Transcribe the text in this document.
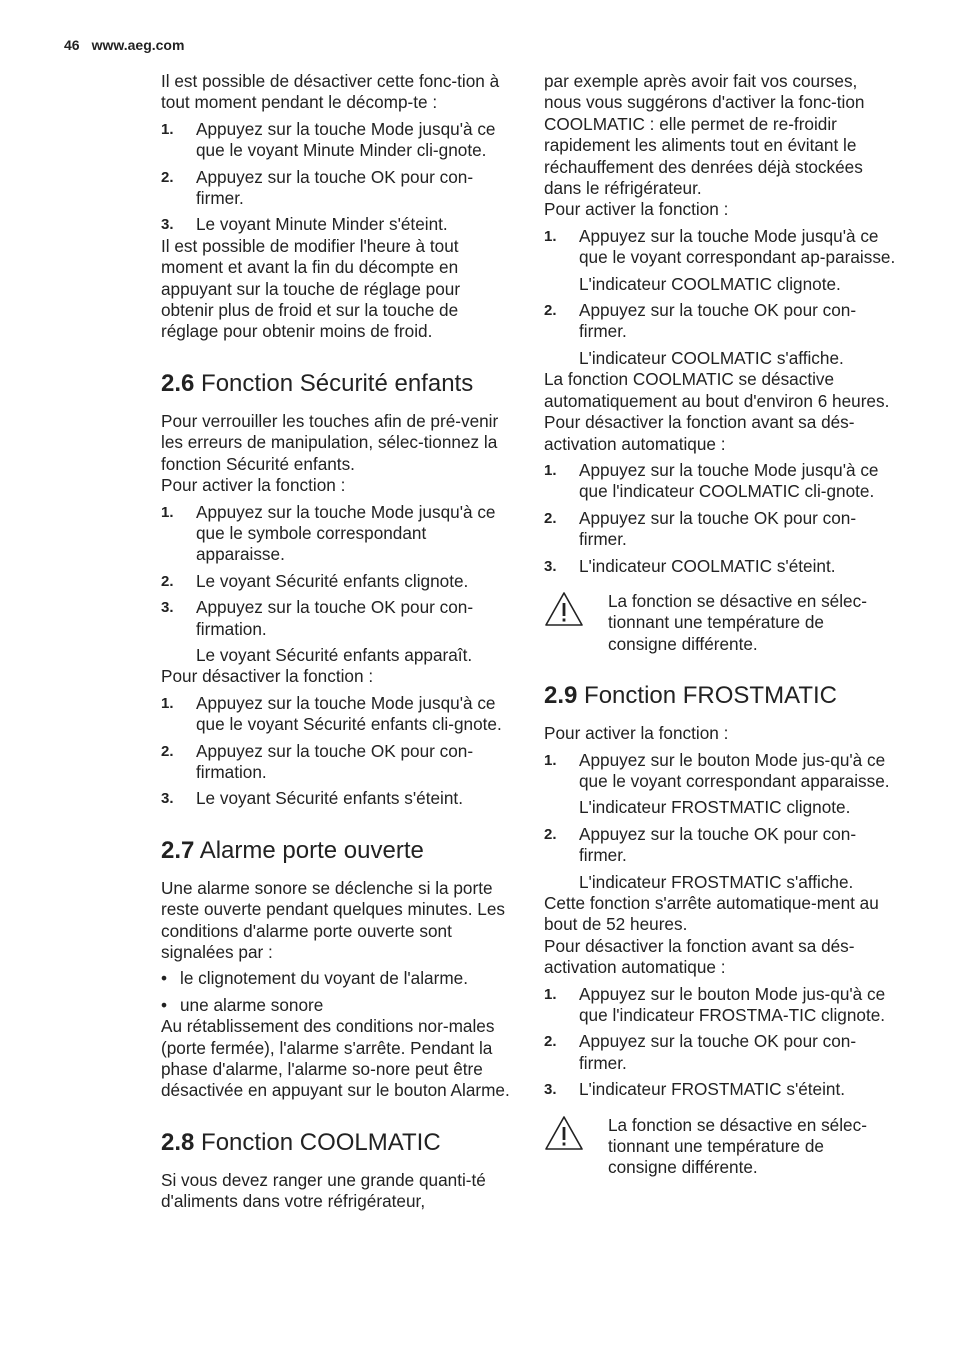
46 www.aeg.com

Il est possible de désactiver cette fonc-tion à tout moment pendant le décomp-te :

1.	Appuyez sur la touche Mode jusqu'à ce que le voyant Minute Minder cli-gnote.
2.	Appuyez sur la touche OK pour con-firmer.
3.	Le voyant Minute Minder s'éteint.

Il est possible de modifier l'heure à tout moment et avant la fin du décompte en appuyant sur la touche de réglage pour obtenir plus de froid et sur la touche de réglage pour obtenir moins de froid.

2.6 Fonction Sécurité enfants

Pour verrouiller les touches afin de pré-venir les erreurs de manipulation, sélec-tionnez la fonction Sécurité enfants.

Pour activer la fonction :

1.	Appuyez sur la touche Mode jusqu'à ce que le symbole correspondant apparaisse.
2.	Le voyant Sécurité enfants clignote.
3.	Appuyez sur la touche OK pour con-firmation.

Le voyant Sécurité enfants apparaît.

Pour désactiver la fonction :

1.	Appuyez sur la touche Mode jusqu'à ce que le voyant Sécurité enfants cli-gnote.
2.	Appuyez sur la touche OK pour con-firmation.
3.	Le voyant Sécurité enfants s'éteint.
2.7 Alarme porte ouverte

Une alarme sonore se déclenche si la porte reste ouverte pendant quelques minutes. Les conditions d'alarme porte ouverte sont signalées par :

• le clignotement du voyant de l'alarme.
• une alarme sonore

Au rétablissement des conditions nor-males (porte fermée), l'alarme s'arrête. Pendant la phase d'alarme, l'alarme so-nore peut être désactivée en appuyant sur le bouton Alarme.

2.8 Fonction COOLMATIC

Si vous devez ranger une grande quanti-té d'aliments dans votre réfrigérateur,

par exemple après avoir fait vos courses, nous vous suggérons d'activer la fonc-tion COOLMATIC : elle permet de re-froidir rapidement les aliments tout en évitant le réchauffement des denrées déjà stockées dans le réfrigérateur.

Pour activer la fonction :

1.	Appuyez sur la touche Mode jusqu'à ce que le voyant correspondant ap-paraisse.

L'indicateur COOLMATIC clignote.

2.	Appuyez sur la touche OK pour con-firmer.

L'indicateur COOLMATIC s'affiche.

La fonction COOLMATIC se désactive automatiquement au bout d'environ 6 heures.

Pour désactiver la fonction avant sa dés-activation automatique :

1.	Appuyez sur la touche Mode jusqu'à ce que l'indicateur COOLMATIC cli-gnote.
2.	Appuyez sur la touche OK pour con-firmer.
3.	L'indicateur COOLMATIC s'éteint.
La fonction se désactive en sélec-tionnant une température de consigne différente.
2.9 Fonction FROSTMATIC

Pour activer la fonction :

1.	Appuyez sur le bouton Mode jus-qu'à ce que le voyant correspondant apparaisse.

L'indicateur FROSTMATIC clignote.

2.	Appuyez sur la touche OK pour con-firmer.

L'indicateur FROSTMATIC s'affiche.

Cette fonction s'arrête automatique-ment au bout de 52 heures.

Pour désactiver la fonction avant sa dés-activation automatique :

1.	Appuyez sur le bouton Mode jus-qu'à ce que l'indicateur FROSTMA-TIC clignote.
2.	Appuyez sur la touche OK pour con-firmer.
3.	L'indicateur FROSTMATIC s'éteint.
La fonction se désactive en sélec-tionnant une température de consigne différente.
